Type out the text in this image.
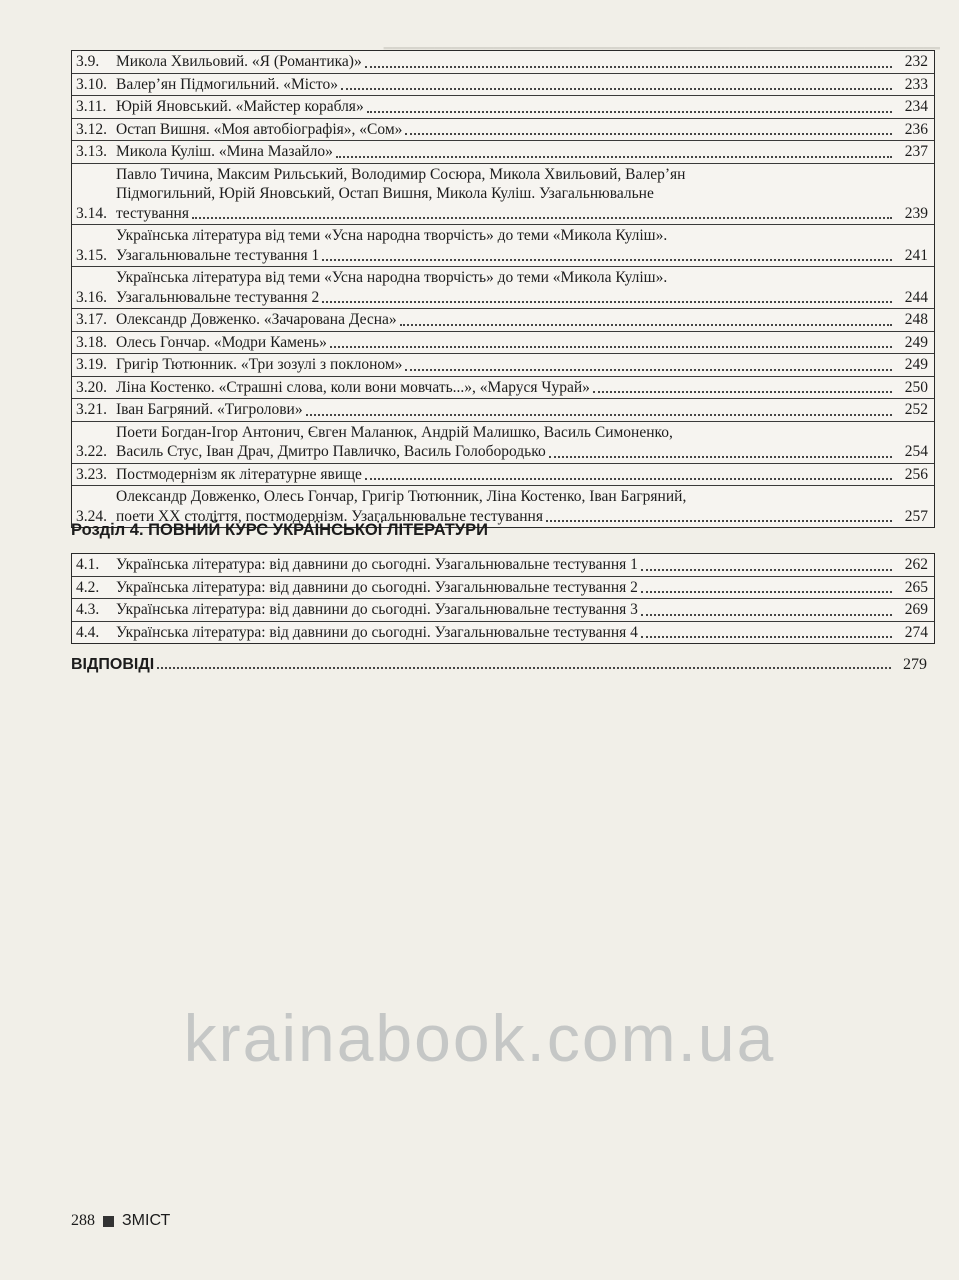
━━━━━━━━━━━━━━━━━━━━━━━━━━━━━━━━━━━━━━━━━━━━━━━━━━━━━━━━━━━━━━━━━━
3.9.	Микола Хвильовий. «Я (Романтика)»	232
3.10. Валер’ян Підмогильний. «Місто»	233
3.11. Юрій Яновський. «Майстер корабля»	234
3.12. Остап Вишня. «Моя автобіографія», «Сом»	236
3.13. Микола Куліш. «Мина Мазайло»	237
3.14.
Павло Тичина, Максим Рильський, Володимир Сосюра, Микола Хвильовий, Валер’ян
Підмогильний, Юрій Яновський, Остап Вишня, Микола Куліш. Узагальнювальне
тестування	239
3.15.
Українська література від теми «Усна народна творчість» до теми «Микола Куліш».
Узагальнювальне тестування 1	241
3.16.
Українська література від теми «Усна народна творчість» до теми «Микола Куліш».
Узагальнювальне тестування 2	244
3.17. Олександр Довженко. «Зачарована Десна»	248
3.18. Олесь Гончар. «Модри Камень»	249
3.19. Григір Тютюнник. «Три зозулі з поклоном»	249
3.20. Ліна Костенко. «Страшні слова, коли вони мовчать...», «Маруся Чурай»	250
3.21. Іван Багряний. «Тигролови»	252
3.22.
Поети Богдан-Ігор Антонич, Євген Маланюк, Андрій Малишко, Василь Симоненко,
Василь Стус, Іван Драч, Дмитро Павличко, Василь Голобородько	254
3.23. Постмодернізм як літературне явище	256
3.24.
Олександр Довженко, Олесь Гончар, Григір Тютюнник, Ліна Костенко, Іван Багряний,
поети ХХ століття, постмодернізм. Узагальнювальне тестування	257
Розділ 4. ПОВНИЙ КУРС УКРАЇНСЬКОЇ ЛІТЕРАТУРИ
4.1.	Українська література: від давнини до сьогодні. Узагальнювальне тестування 1	262
4.2.	Українська література: від давнини до сьогодні. Узагальнювальне тестування 2	265
4.3.	Українська література: від давнини до сьогодні. Узагальнювальне тестування 3	269
4.4.	Українська література: від давнини до сьогодні. Узагальнювальне тестування 4	274
ВІДПОВІДІ	279
krainabook.com.ua
288 ЗМІСТ
